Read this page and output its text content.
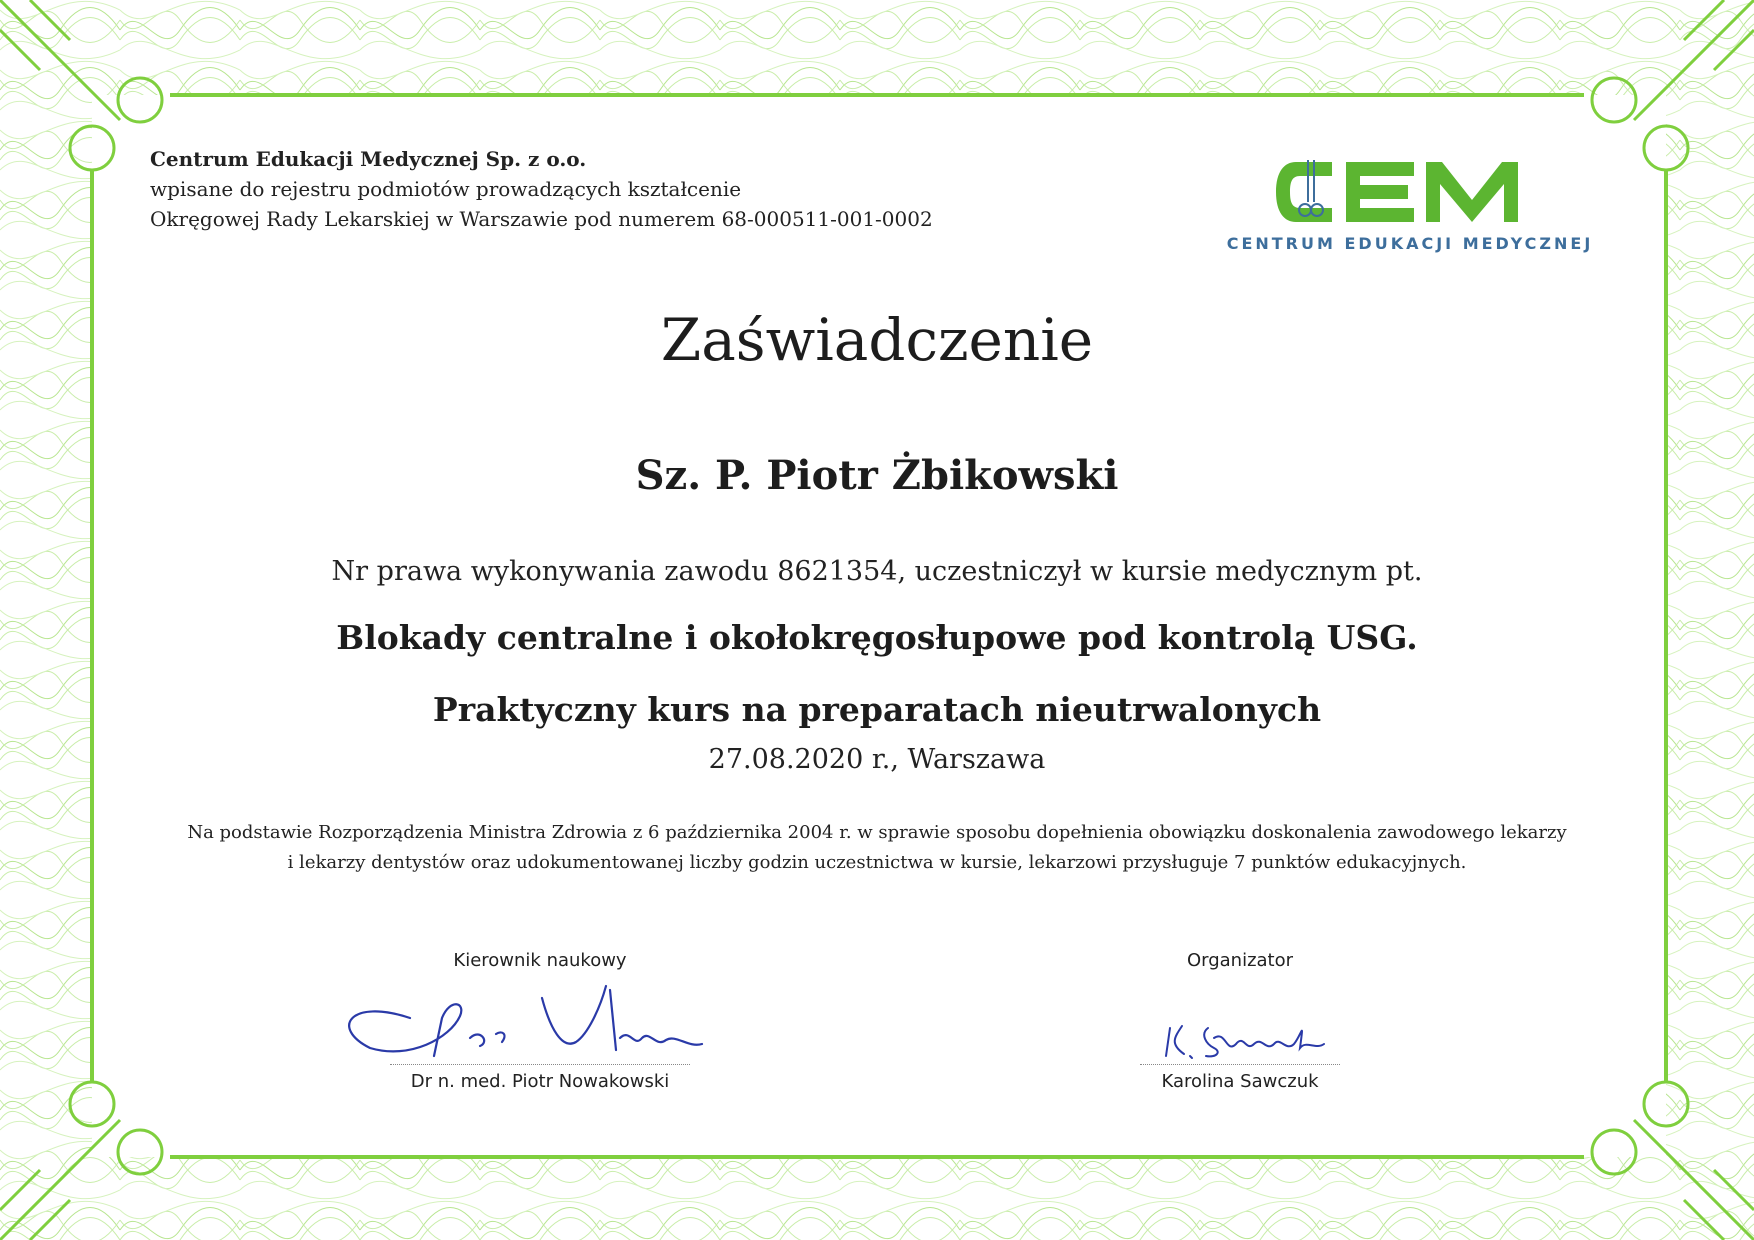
Centrum Edukacji Medycznej Sp. z o.o.
wpisane do rejestru podmiotów prowadzących kształcenie
Okręgowej Rady Lekarskiej w Warszawie pod numerem 68-000511-001-0002
CENTRUM EDUKACJI MEDYCZNEJ
Zaświadczenie
Sz. P. Piotr Żbikowski
Nr prawa wykonywania zawodu 8621354, uczestniczył w kursie medycznym pt.
Blokady centralne i okołokręgosłupowe pod kontrolą USG.
Praktyczny kurs na preparatach nieutrwalonych
27.08.2020 r., Warszawa
Na podstawie Rozporządzenia Ministra Zdrowia z 6 października 2004 r. w sprawie sposobu dopełnienia obowiązku doskonalenia zawodowego lekarzy
i lekarzy dentystów oraz udokumentowanej liczby godzin uczestnictwa w kursie, lekarzowi przysługuje 7 punktów edukacyjnych.
Kierownik naukowy
Dr n. med. Piotr Nowakowski
Organizator
Karolina Sawczuk
